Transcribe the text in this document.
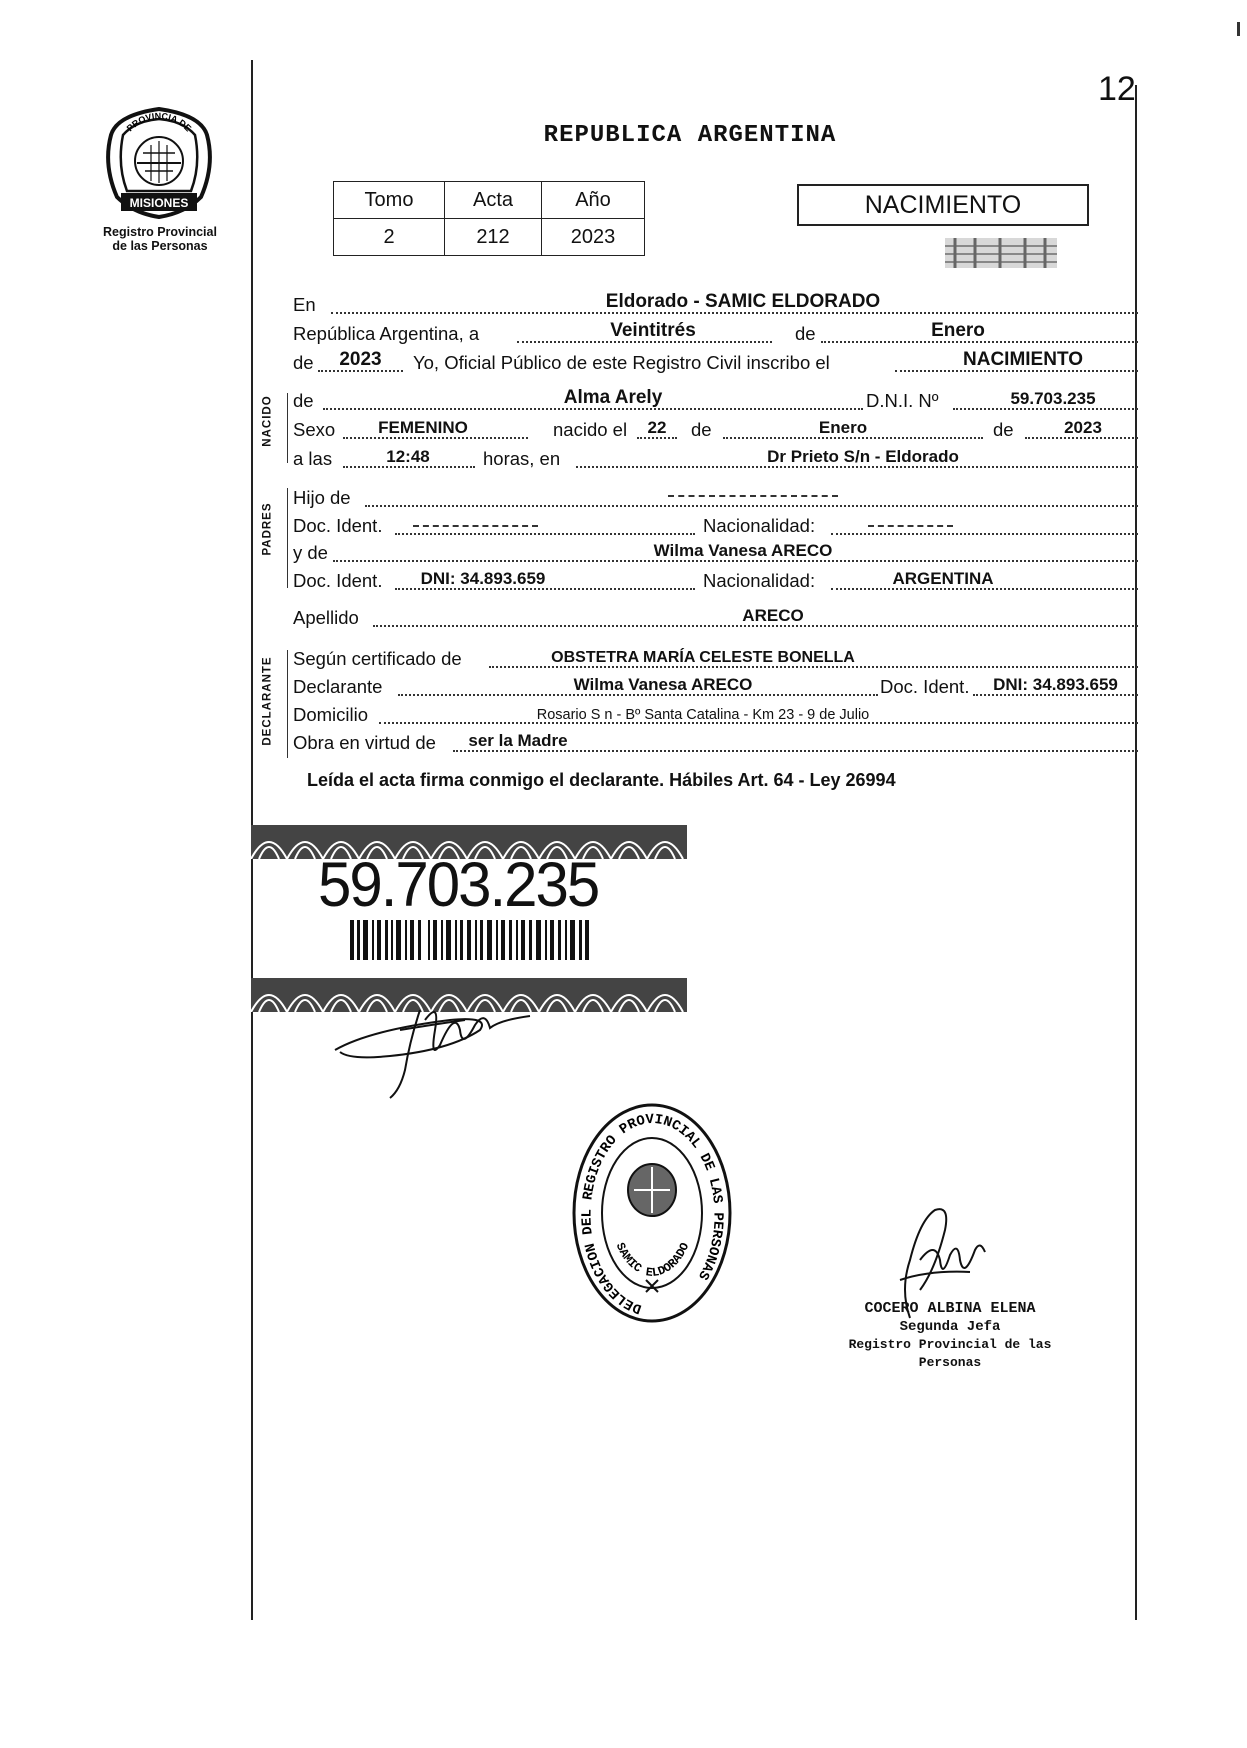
12
PROVINCIA DE
MISIONES
Registro Provincial
de las Personas
REPUBLICA ARGENTINA
Tomo	Acta	Año
2	212	2023
NACIMIENTO
En	Eldorado - SAMIC ELDORADO
República Argentina, a	Veintitrés	de	Enero
de	2023	Yo, Oficial Público de este Registro Civil inscribo el	NACIMIENTO
NACIDO de	Alma Arely	D.N.I. Nº	59.703.235
Sexo	FEMENINO	nacido el	22	de	Enero	de	2023
a las	12:48	horas, en	Dr Prieto S/n - Eldorado
PADRES
Hijo de
Doc. Ident.	Nacionalidad:
y de	Wilma Vanesa ARECO
Doc. Ident.	DNI: 34.893.659	Nacionalidad:	ARGENTINA
Apellido	ARECO
DECLARANTE Según certificado de	OBSTETRA MARÍA CELESTE BONELLA
Declarante	Wilma Vanesa ARECO	Doc. Ident.	DNI: 34.893.659
Domicilio	Rosario S n - Bº Santa Catalina - Km 23 - 9 de Julio
Obra en virtud de	ser la Madre
Leída el acta firma conmigo el declarante. Hábiles Art. 64 - Ley 26994
59.703.235
DELEGACION DEL REGISTRO PROVINCIAL DE LAS PERSONAS
SAMIC ELDORADO
COCERO ALBINA ELENA
Segunda Jefa
Registro Provincial de las Personas
